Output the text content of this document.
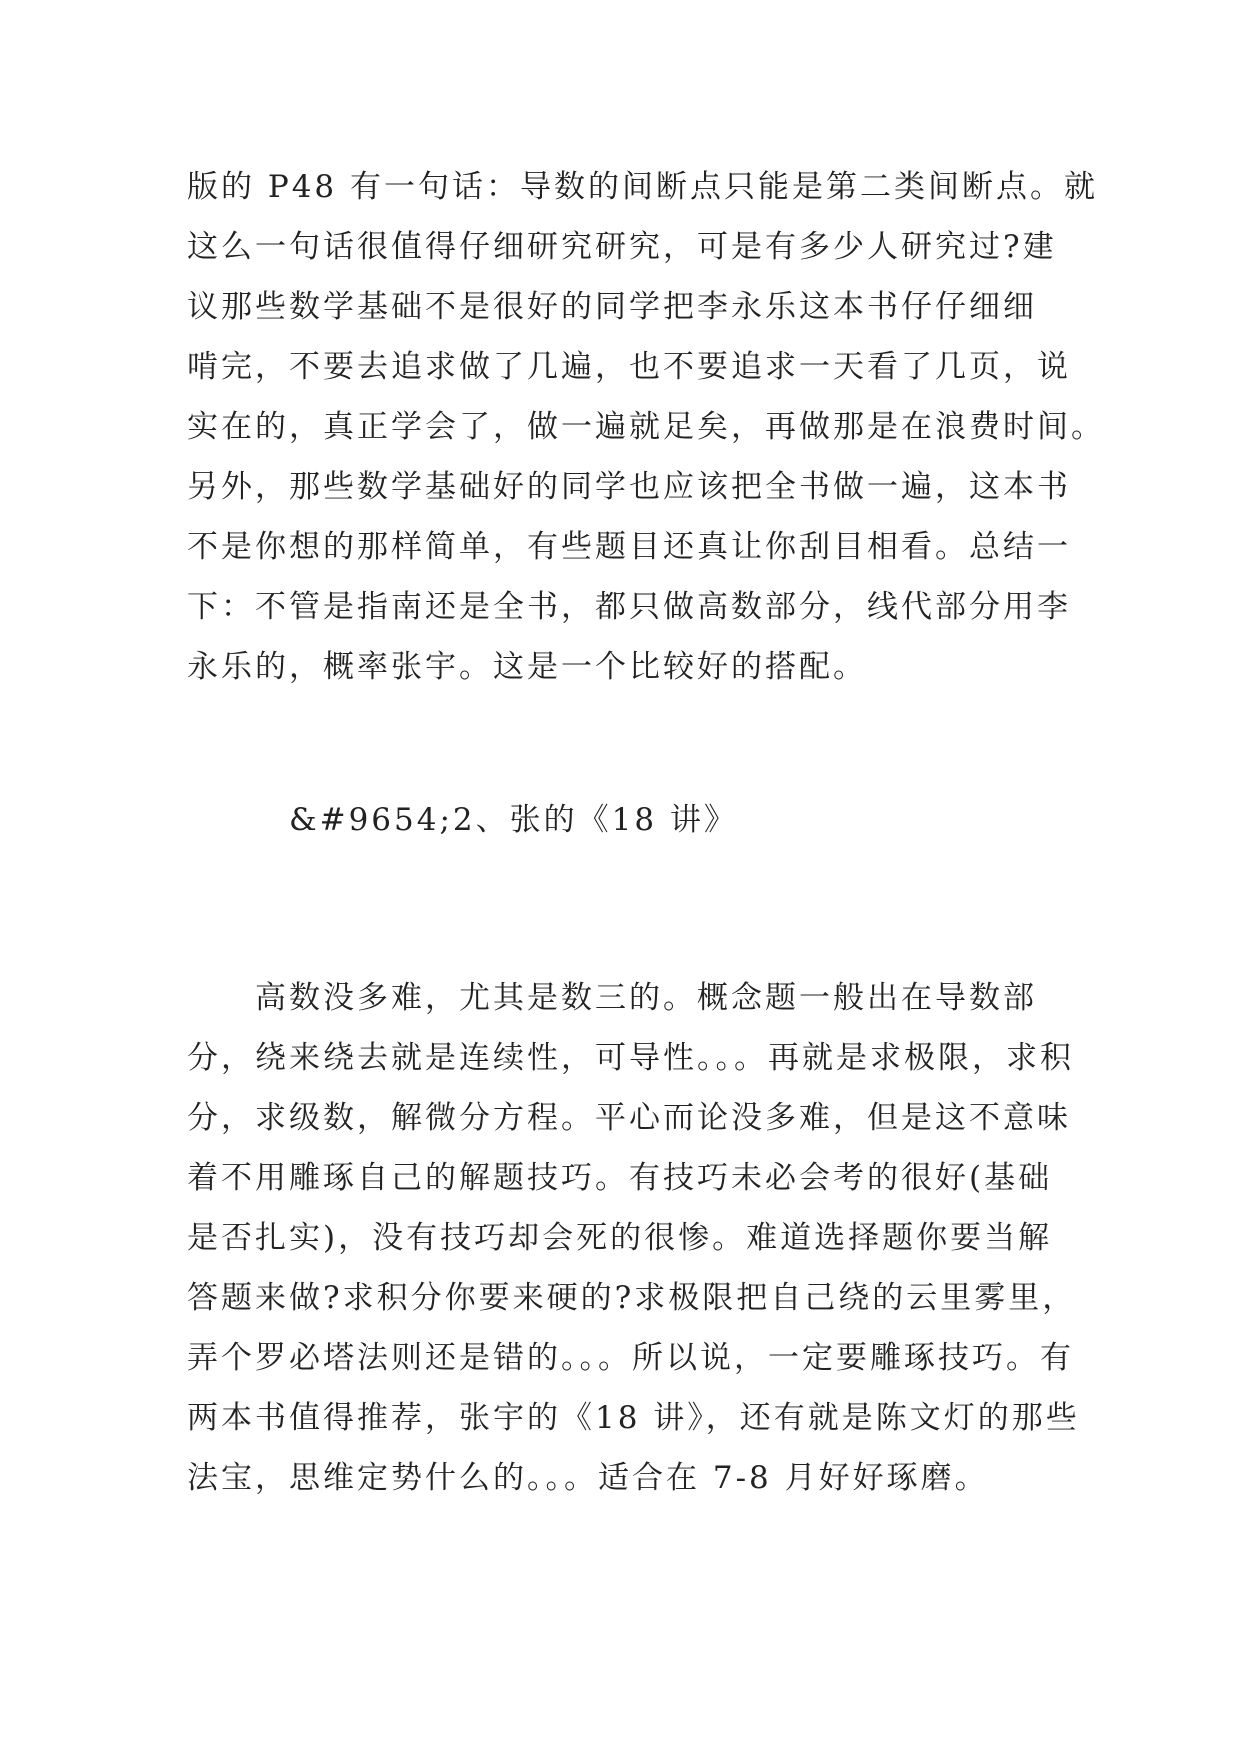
版的 P48 有一句话：导数的间断点只能是第二类间断点。就
这么一句话很值得仔细研究研究，可是有多少人研究过?建
议那些数学基础不是很好的同学把李永乐这本书仔仔细细
啃完，不要去追求做了几遍，也不要追求一天看了几页，说
实在的，真正学会了，做一遍就足矣，再做那是在浪费时间。
另外，那些数学基础好的同学也应该把全书做一遍，这本书
不是你想的那样简单，有些题目还真让你刮目相看。总结一
下：不管是指南还是全书，都只做高数部分，线代部分用李
永乐的，概率张宇。这是一个比较好的搭配。
&#9654;2、张的《18 讲》
　　高数没多难，尤其是数三的。概念题一般出在导数部
分，绕来绕去就是连续性，可导性。。。再就是求极限，求积
分，求级数，解微分方程。平心而论没多难，但是这不意味
着不用雕琢自己的解题技巧。有技巧未必会考的很好(基础
是否扎实)，没有技巧却会死的很惨。难道选择题你要当解
答题来做?求积分你要来硬的?求极限把自己绕的云里雾里，
弄个罗必塔法则还是错的。。。所以说，一定要雕琢技巧。有
两本书值得推荐，张宇的《18 讲》，还有就是陈文灯的那些
法宝，思维定势什么的。。。适合在 7-8 月好好琢磨。
